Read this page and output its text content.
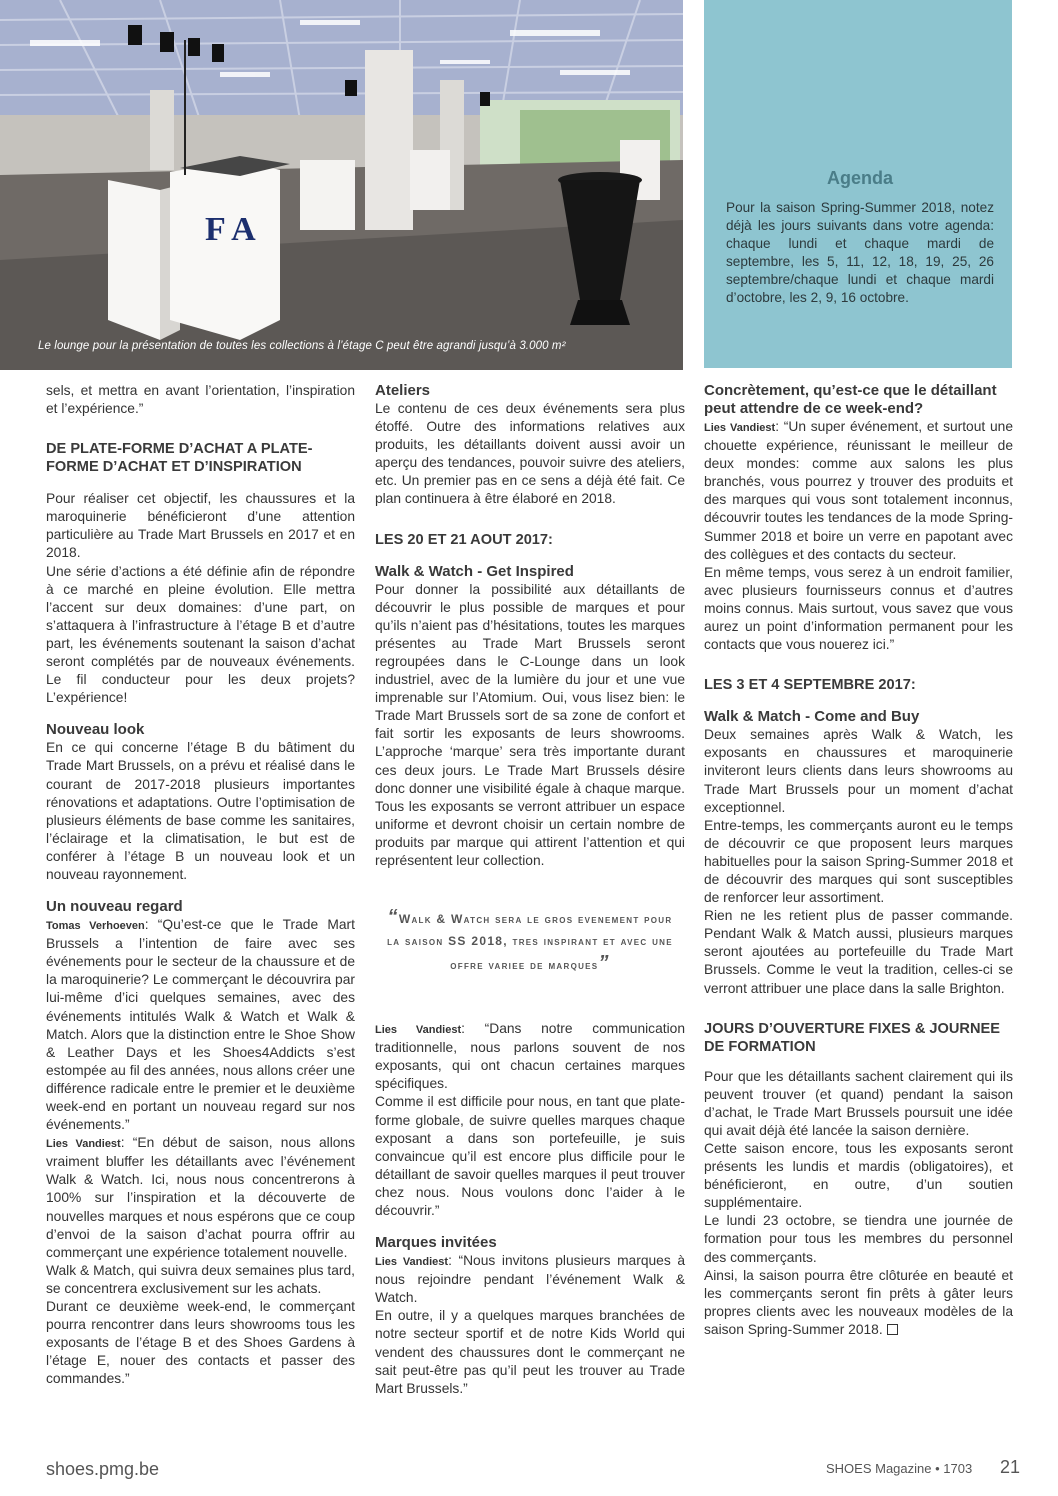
F A
Le lounge pour la présentation de toutes les collections à l’étage C peut être agrandi jusqu’à 3.000 m²
Agenda

Pour la saison Spring-Summer 2018, notez déjà les jours suivants dans votre agenda: chaque lundi et chaque mardi de septembre, les 5, 11, 12, 18, 19, 25, 26 septembre/chaque lundi et chaque mardi d’octobre, les 2, 9, 16 octobre.

sels, et mettra en avant l’orientation, l’inspiration et l’expérience.”

DE PLATE-FORME D’ACHAT A PLATE-FORME D’ACHAT ET D’INSPIRATION

Pour réaliser cet objectif, les chaussures et la maroquinerie bénéficieront d’une attention particulière au Trade Mart Brussels en 2017 et en 2018.

Une série d’actions a été définie afin de répondre à ce marché en pleine évolution. Elle mettra l’accent sur deux domaines: d’une part, on s’attaquera à l’infrastructure à l’étage B et d’autre part, les événements soutenant la saison d’achat seront complétés par de nouveaux événements. Le fil conducteur pour les deux projets? L’expérience!

Nouveau look

En ce qui concerne l’étage B du bâtiment du Trade Mart Brussels, on a prévu et réalisé dans le courant de 2017-2018 plusieurs importantes rénovations et adaptations. Outre l’optimisation de plusieurs éléments de base comme les sanitaires, l’éclairage et la climatisation, le but est de conférer à l’étage B un nouveau look et un nouveau rayonnement.

Un nouveau regard

Tomas Verhoeven: “Qu’est-ce que le Trade Mart Brussels a l’intention de faire avec ses événements pour le secteur de la chaussure et de la maroquinerie? Le commerçant le découvrira par lui-même d’ici quelques semaines, avec des événements intitulés Walk & Watch et Walk & Match. Alors que la distinction entre le Shoe Show & Leather Days et les Shoes4Addicts s’est estompée au fil des années, nous allons créer une différence radicale entre le premier et le deuxième week-end en portant un nouveau regard sur nos événements.”

Lies Vandiest: “En début de saison, nous allons vraiment bluffer les détaillants avec l’événement Walk & Watch. Ici, nous nous concentrerons à 100% sur l’inspiration et la découverte de nouvelles marques et nous espérons que ce coup d’envoi de la saison d’achat pourra offrir au commerçant une expérience totalement nouvelle.

Walk & Match, qui suivra deux semaines plus tard, se concentrera exclusivement sur les achats.

Durant ce deuxième week-end, le commerçant pourra rencontrer dans leurs showrooms tous les exposants de l’étage B et des Shoes Gardens à l’étage E, nouer des contacts et passer des commandes.”

Ateliers

Le contenu de ces deux événements sera plus étoffé. Outre des informations relatives aux produits, les détaillants doivent aussi avoir un aperçu des tendances, pouvoir suivre des ateliers, etc. Un premier pas en ce sens a déjà été fait. Ce plan continuera à être élaboré en 2018.

LES 20 ET 21 AOUT 2017:
Walk & Watch - Get Inspired

Pour donner la possibilité aux détaillants de découvrir le plus possible de marques et pour qu’ils n’aient pas d’hésitations, toutes les marques présentes au Trade Mart Brussels seront regroupées dans le C-Lounge dans un look industriel, avec de la lumière du jour et une vue imprenable sur l’Atomium. Oui, vous lisez bien: le Trade Mart Brussels sort de sa zone de confort et fait sortir les exposants de leurs showrooms. L’approche ‘marque’ sera très importante durant ces deux jours. Le Trade Mart Brussels désire donc donner une visibilité égale à chaque marque. Tous les exposants se verront attribuer un espace uniforme et devront choisir un certain nombre de produits par marque qui attirent l’attention et qui représentent leur collection.

“Walk & Watch sera le gros evenement pour la saison SS 2018, tres inspirant et avec une offre variee de marques”

Lies Vandiest: “Dans notre communication traditionnelle, nous parlons souvent de nos exposants, qui ont chacun certaines marques spécifiques.

Comme il est difficile pour nous, en tant que plate-forme globale, de suivre quelles marques chaque exposant a dans son portefeuille, je suis convaincue qu’il est encore plus difficile pour le détaillant de savoir quelles marques il peut trouver chez nous. Nous voulons donc l’aider à le découvrir.”

Marques invitées

Lies Vandiest: “Nous invitons plusieurs marques à nous rejoindre pendant l’événement Walk & Watch.

En outre, il y a quelques marques branchées de notre secteur sportif et de notre Kids World qui vendent des chaussures dont le commerçant ne sait peut-être pas qu’il peut les trouver au Trade Mart Brussels.”

Concrètement, qu’est-ce que le détaillant peut attendre de ce week-end?

Lies Vandiest: “Un super événement, et surtout une chouette expérience, réunissant le meilleur de deux mondes: comme aux salons les plus branchés, vous pourrez y trouver des produits et des marques qui vous sont totalement inconnus, découvrir toutes les tendances de la mode Spring-Summer 2018 et boire un verre en papotant avec des collègues et des contacts du secteur.

En même temps, vous serez à un endroit familier, avec plusieurs fournisseurs connus et d’autres moins connus. Mais surtout, vous savez que vous aurez un point d’information permanent pour les contacts que vous nouerez ici.”

LES 3 ET 4 SEPTEMBRE 2017:
Walk & Match - Come and Buy

Deux semaines après Walk & Watch, les exposants en chaussures et maroquinerie inviteront leurs clients dans leurs showrooms au Trade Mart Brussels pour un moment d’achat exceptionnel.

Entre-temps, les commerçants auront eu le temps de découvrir ce que proposent leurs marques habituelles pour la saison Spring-Summer 2018 et de découvrir des marques qui sont susceptibles de renforcer leur assortiment.

Rien ne les retient plus de passer commande. Pendant Walk & Match aussi, plusieurs marques seront ajoutées au portefeuille du Trade Mart Brussels. Comme le veut la tradition, celles-ci se verront attribuer une place dans la salle Brighton.

JOURS D’OUVERTURE FIXES & JOURNEE DE FORMATION

Pour que les détaillants sachent clairement qui ils peuvent trouver (et quand) pendant la saison d’achat, le Trade Mart Brussels poursuit une idée qui avait déjà été lancée la saison dernière.

Cette saison encore, tous les exposants seront présents les lundis et mardis (obligatoires), et bénéficieront, en outre, d’un soutien supplémentaire.

Le lundi 23 octobre, se tiendra une journée de formation pour tous les membres du personnel des commerçants.

Ainsi, la saison pourra être clôturée en beauté et les commerçants seront fin prêts à gâter leurs propres clients avec les nouveaux modèles de la saison Spring-Summer 2018.

shoes.pmg.be	SHOES Magazine • 1703 21
